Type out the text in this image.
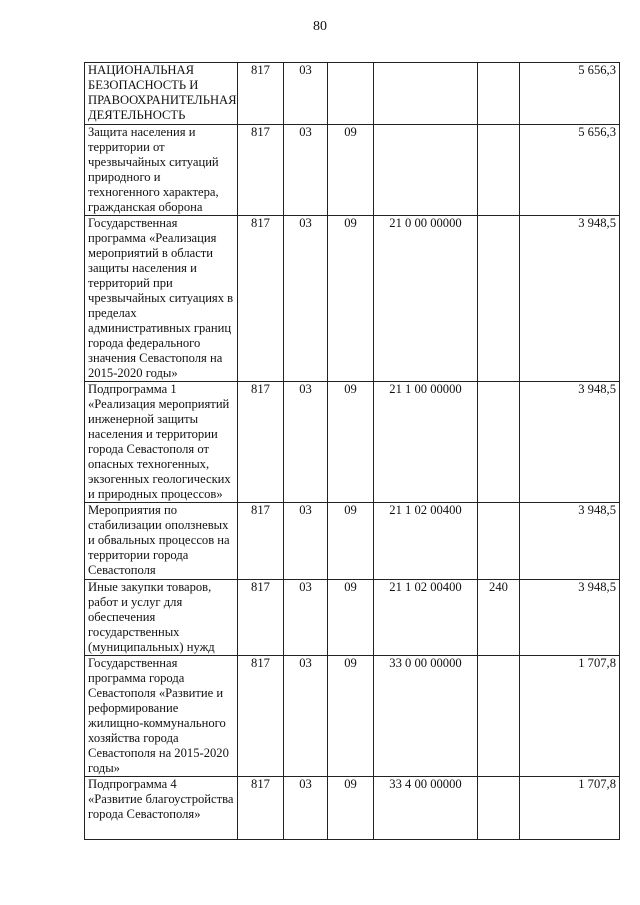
80
НАЦИОНАЛЬНАЯ БЕЗОПАСНОСТЬ И ПРАВООХРАНИТЕЛЬНАЯ ДЕЯТЕЛЬНОСТЬ	817	03				5 656,3
Защита населения и территории от чрезвычайных ситуаций природного и техногенного характера, гражданская оборона	817	03	09			5 656,3
Государственная программа «Реализация мероприятий в области защиты населения и территорий при чрезвычайных ситуациях в пределах административных границ города федерального значения Севастополя на 2015-2020 годы»	817	03	09	21 0 00 00000		3 948,5
Подпрограмма 1 «Реализация мероприятий инженерной защиты населения и территории города Севастополя от опасных техногенных, экзогенных геологических и природных процессов»	817	03	09	21 1 00 00000		3 948,5
Мероприятия по стабилизации оползневых и обвальных процессов на территории города Севастополя	817	03	09	21 1 02 00400		3 948,5
Иные закупки товаров, работ и услуг для обеспечения государственных (муниципальных) нужд	817	03	09	21 1 02 00400	240	3 948,5
Государственная программа города Севастополя «Развитие и реформирование жилищно-коммунального хозяйства города Севастополя на 2015-2020 годы»	817	03	09	33 0 00 00000		1 707,8
Подпрограмма 4 «Развитие благоустройства города Севастополя»	817	03	09	33 4 00 00000		1 707,8
